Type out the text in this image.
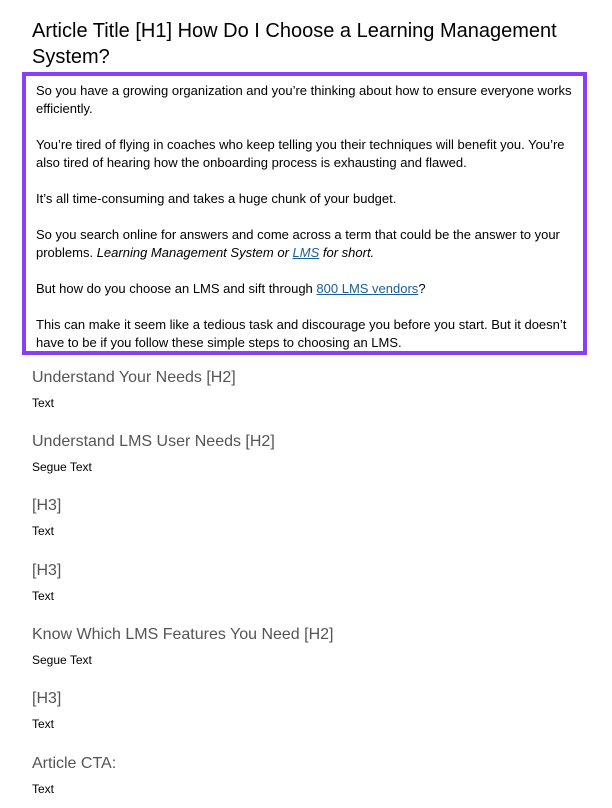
Article Title [H1] How Do I Choose a Learning Management System?

So you have a growing organization and you’re thinking about how to ensure everyone works efficiently.

You’re tired of flying in coaches who keep telling you their techniques will benefit you. You’re also tired of hearing how the onboarding process is exhausting and flawed.

It’s all time-consuming and takes a huge chunk of your budget.

So you search online for answers and come across a term that could be the answer to your problems. Learning Management System or LMS for short.

But how do you choose an LMS and sift through 800 LMS vendors?

This can make it seem like a tedious task and discourage you before you start. But it doesn’t have to be if you follow these simple steps to choosing an LMS.

Understand Your Needs [H2]

Text

Understand LMS User Needs [H2]

Segue Text

[H3]

Text

[H3]

Text

Know Which LMS Features You Need [H2]

Segue Text

[H3]

Text

Article CTA:

Text
